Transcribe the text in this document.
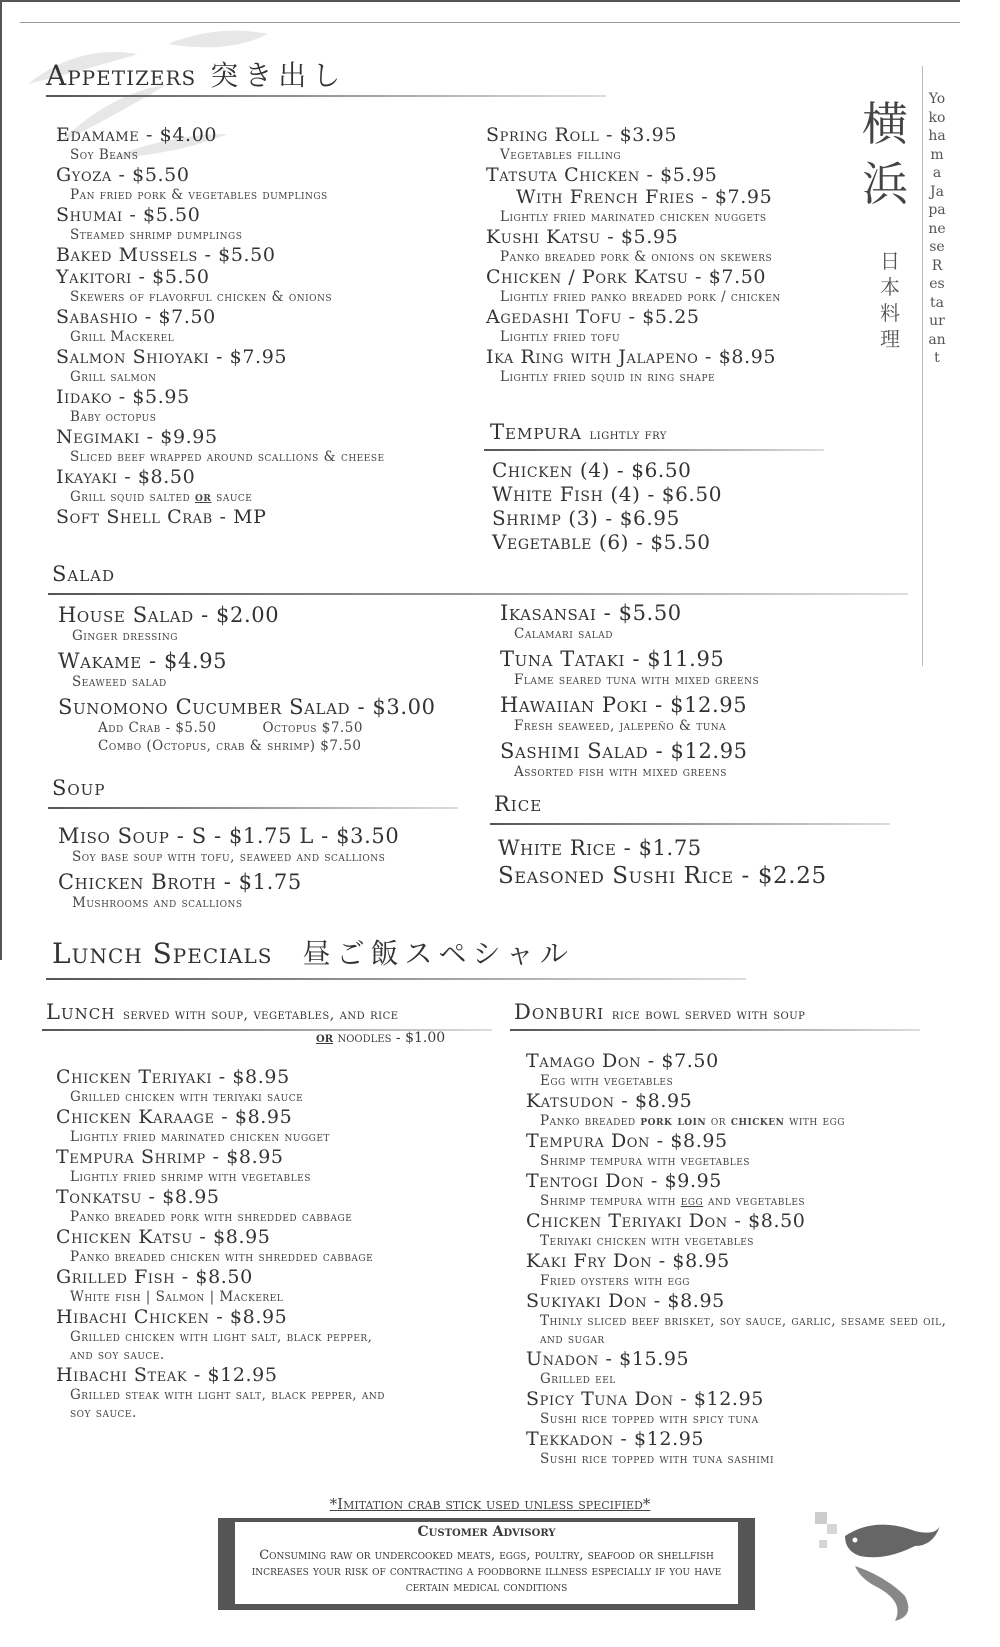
横
浜
日
本
料
理
Yokohama Japanese Restaurant
Appetizers 突き出し
Edamame - $4.00
Soy Beans
Gyoza - $5.50
Pan fried pork & vegetables dumplings
Shumai - $5.50
Steamed shrimp dumplings
Baked Mussels - $5.50
Yakitori - $5.50
Skewers of flavorful chicken & onions
Sabashio - $7.50
Grill Mackerel
Salmon Shioyaki - $7.95
Grill salmon
Iidako - $5.95
Baby octopus
Negimaki - $9.95
Sliced beef wrapped around scallions & cheese
Ikayaki - $8.50
Grill squid salted or sauce
Soft Shell Crab - MP
Spring Roll - $3.95
Vegetables filling
Tatsuta Chicken - $5.95
With French Fries - $7.95
Lightly fried marinated chicken nuggets
Kushi Katsu - $5.95
Panko breaded pork & onions on skewers
Chicken / Pork Katsu - $7.50
Lightly fried panko breaded pork / chicken
Agedashi Tofu - $5.25
Lightly fried tofu
Ika Ring with Jalapeno - $8.95
Lightly fried squid in ring shape
Tempura lightly fry
Chicken (4) - $6.50
White Fish (4) - $6.50
Shrimp (3) - $6.95
Vegetable (6) - $5.50
Salad
House Salad - $2.00
Ginger dressing
Wakame - $4.95
Seaweed salad
Sunomono Cucumber Salad - $3.00
Add Crab - $5.50	Octopus $7.50
Combo (Octopus, crab & shrimp) $7.50
Ikasansai - $5.50
Calamari salad
Tuna Tataki - $11.95
Flame seared tuna with mixed greens
Hawaiian Poki - $12.95
Fresh seaweed, jalepeño & tuna
Sashimi Salad - $12.95
Assorted fish with mixed greens
Soup
Miso Soup - S - $1.75 L - $3.50
Soy base soup with tofu, seaweed and scallions
Chicken Broth - $1.75
Mushrooms and scallions
Rice
White Rice - $1.75
Seasoned Sushi Rice - $2.25
Lunch Specials 昼ご飯スペシャル
Lunch served with soup, vegetables, and rice
or noodles - $1.00
Chicken Teriyaki - $8.95
Grilled chicken with teriyaki sauce
Chicken Karaage - $8.95
Lightly fried marinated chicken nugget
Tempura Shrimp - $8.95
Lightly fried shrimp with vegetables
Tonkatsu - $8.95
Panko breaded pork with shredded cabbage
Chicken Katsu - $8.95
Panko breaded chicken with shredded cabbage
Grilled Fish - $8.50
White fish | Salmon | Mackerel
Hibachi Chicken - $8.95
Grilled chicken with light salt, black pepper, and soy sauce.
Hibachi Steak - $12.95
Grilled steak with light salt, black pepper, and soy sauce.
Donburi rice bowl served with soup
Tamago Don - $7.50
Egg with vegetables
Katsudon - $8.95
Panko breaded pork loin or chicken with egg
Tempura Don - $8.95
Shrimp tempura with vegetables
Tentogi Don - $9.95
Shrimp tempura with egg and vegetables
Chicken Teriyaki Don - $8.50
Teriyaki chicken with vegetables
Kaki Fry Don - $8.95
Fried oysters with egg
Sukiyaki Don - $8.95
Thinly sliced beef brisket, soy sauce, garlic, sesame seed oil, and sugar
Unadon - $15.95
Grilled eel
Spicy Tuna Don - $12.95
Sushi rice topped with spicy tuna
Tekkadon - $12.95
Sushi rice topped with tuna sashimi
*Imitation crab stick used unless specified*
Customer Advisory
Consuming raw or undercooked meats, eggs, poultry, seafood or shellfish increases your risk of contracting a foodborne illness especially if you have certain medical conditions
